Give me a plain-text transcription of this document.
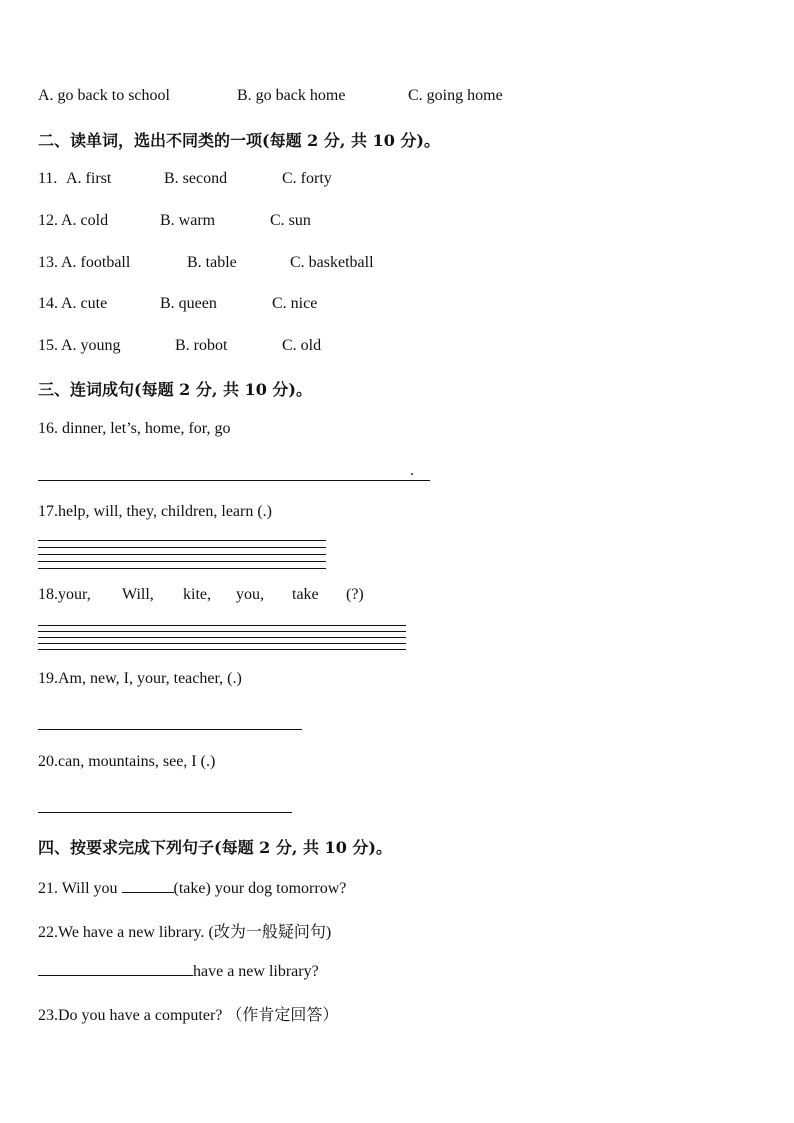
A. go back to school	B. go back home	C. going home
二、读单词，选出不同类的一项(每题 2 分, 共 10 分)。
11. A. first	B. second	C. forty
12. A. cold	B. warm	C. sun
13. A. football	B. table	C. basketball
14. A. cute	B. queen	C. nice
15. A. young	B. robot	C. old
三、连词成句(每题 2 分, 共 10 分)。
16. dinner, let’s, home, for, go
.
17.help, will, they, children, learn (.)
18.your, Will, kite, you, take (?)
19.Am, new, I, your, teacher, (.)
20.can, mountains, see, I (.)
四、按要求完成下列句子(每题 2 分, 共 10 分)。
21. Will you	(take) your dog tomorrow?
22.We have a new library. (改为一般疑问句)
have a new library?
23.Do you have a computer? （作肯定回答）
